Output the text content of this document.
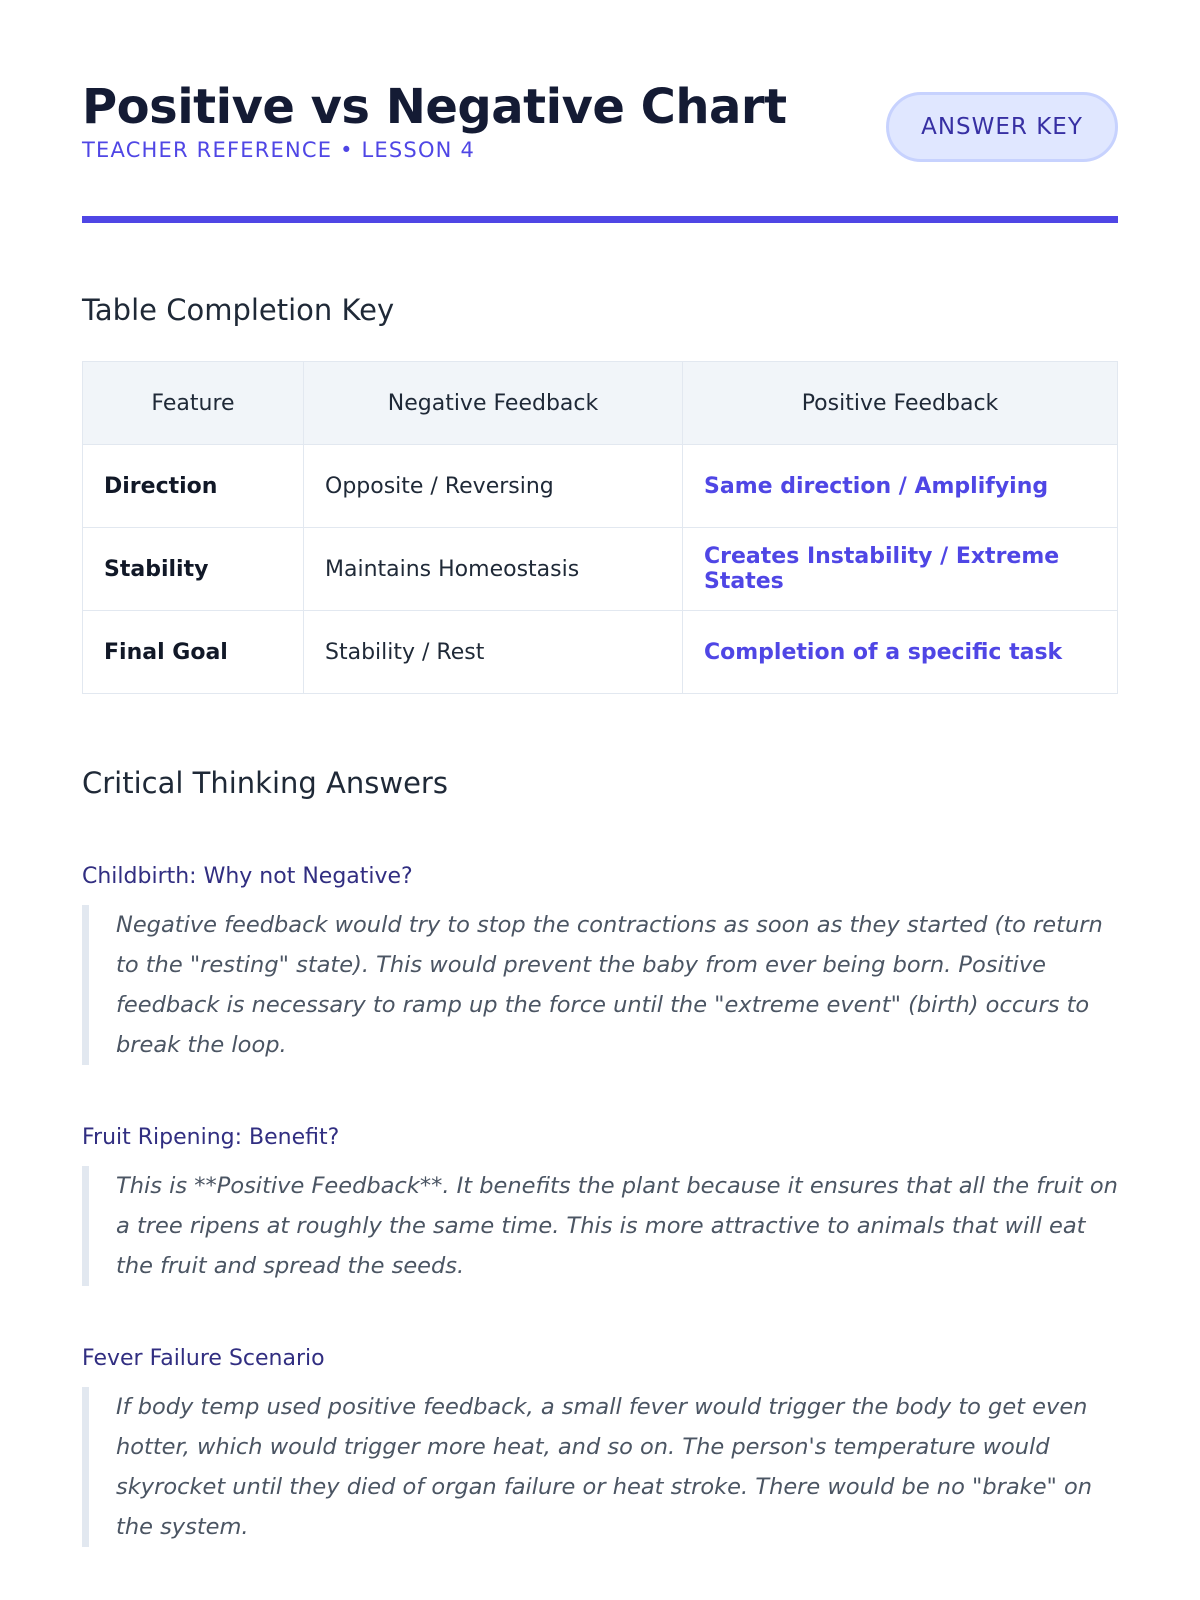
Positive vs Negative Chart
TEACHER REFERENCE • LESSON 4
ANSWER KEY
Table Completion Key
Feature	Negative Feedback	Positive Feedback
Direction	Opposite / Reversing	Same direction / Amplifying
Stability	Maintains Homeostasis	Creates Instability / Extreme States
Final Goal	Stability / Rest	Completion of a specific task
Critical Thinking Answers
Childbirth: Why not Negative?
Negative feedback would try to stop the contractions as soon as they started (to return to the "resting" state). This would prevent the baby from ever being born. Positive feedback is necessary to ramp up the force until the "extreme event" (birth) occurs to break the loop.
Fruit Ripening: Benefit?
This is **Positive Feedback**. It benefits the plant because it ensures that all the fruit on a tree ripens at roughly the same time. This is more attractive to animals that will eat the fruit and spread the seeds.
Fever Failure Scenario
If body temp used positive feedback, a small fever would trigger the body to get even hotter, which would trigger more heat, and so on. The person's temperature would skyrocket until they died of organ failure or heat stroke. There would be no "brake" on the system.
